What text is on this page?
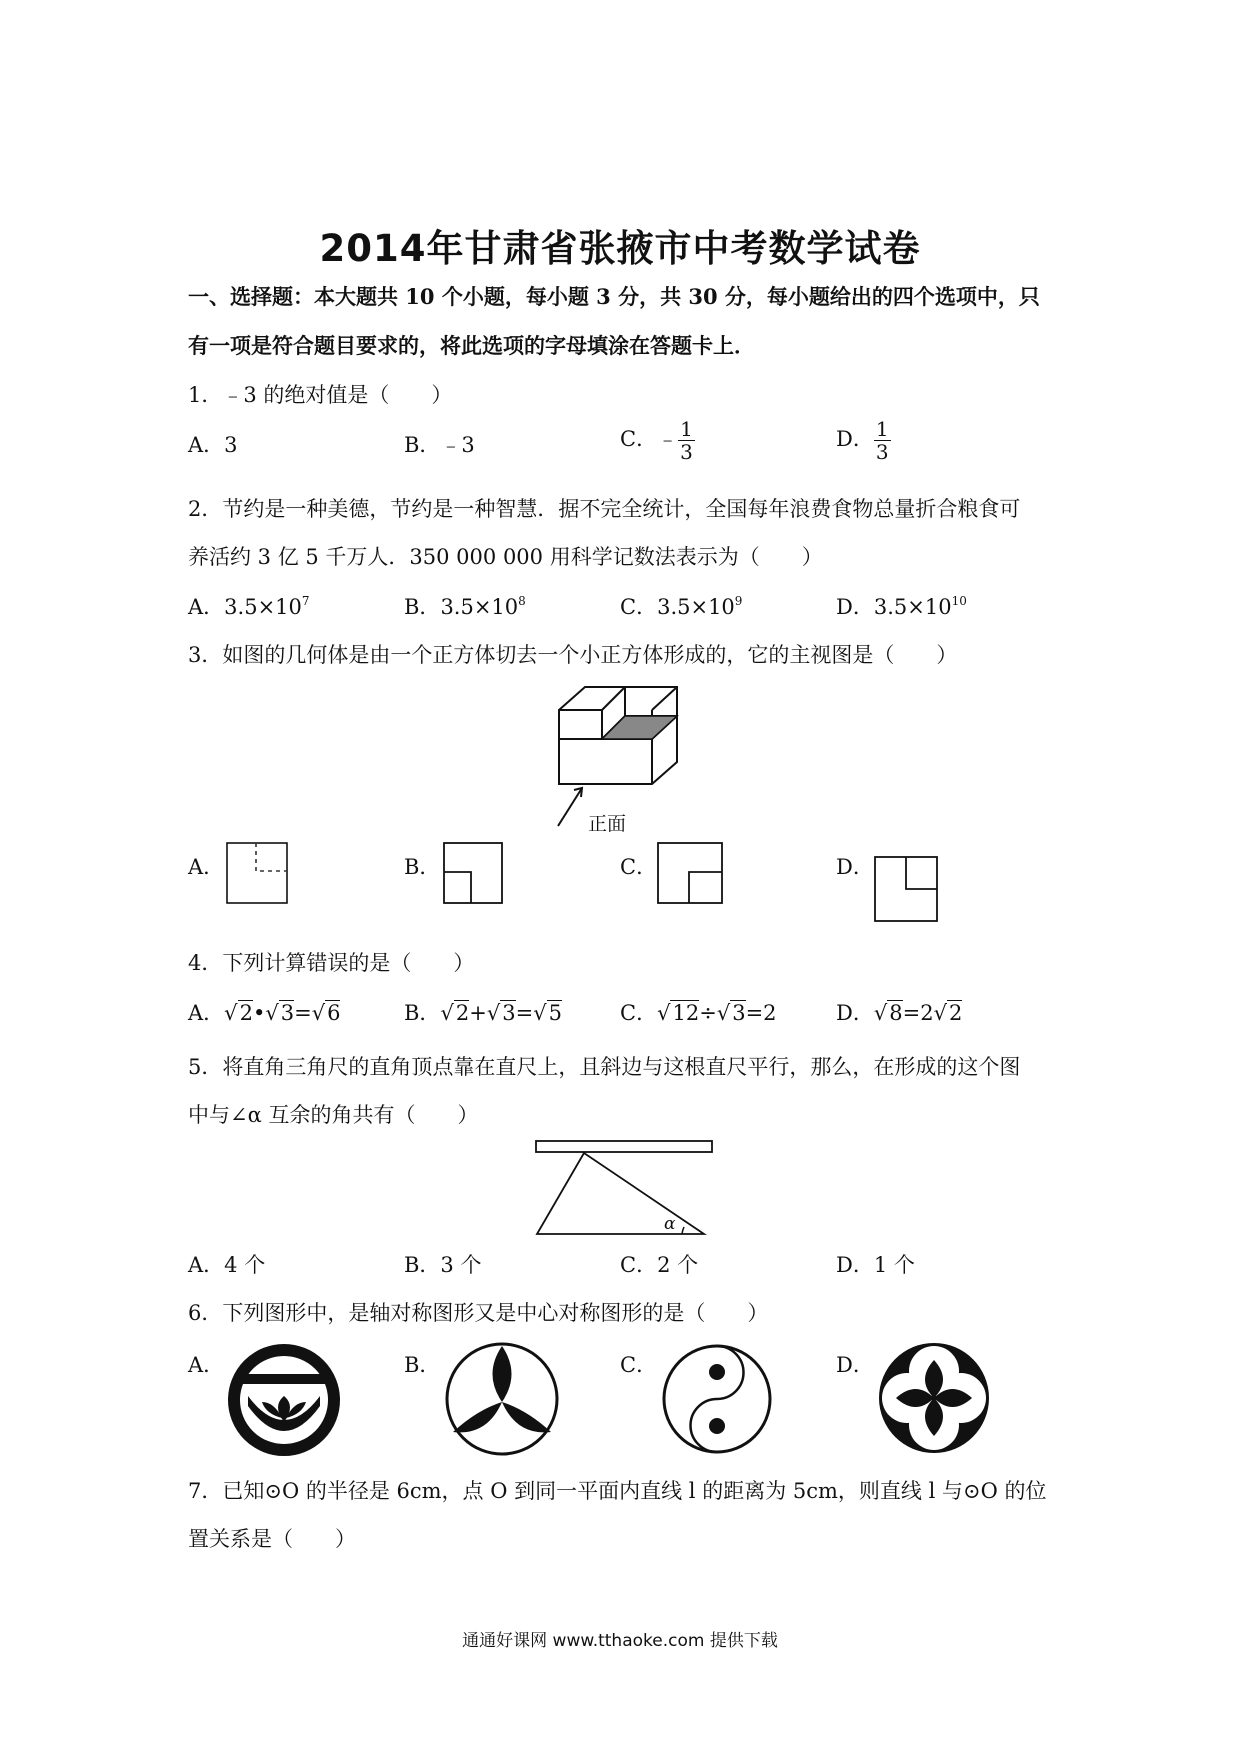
2014年甘肃省张掖市中考数学试卷
一、选择题：本大题共 10 个小题，每小题 3 分，共 30 分，每小题给出的四个选项中，只
有一项是符合题目要求的，将此选项的字母填涂在答题卡上．
1．﹣3 的绝对值是（　　）
A．3	B．﹣3	C．﹣ $\frac{1}{3}$	D． $\frac{1}{3}$
2．节约是一种美德，节约是一种智慧．据不完全统计，全国每年浪费食物总量折合粮食可
养活约 3 亿 5 千万人．350 000 000 用科学记数法表示为（　　）
A．$3.5\times 10^7$	B．$3.5\times 10^8$	C．$3.5\times 10^9$	D．$3.5\times 10^{10}$
3．如图的几何体是由一个正方体切去一个小正方体形成的，它的主视图是（　　）
正面
A．	B．	C．	D．
4．下列计算错误的是（　　）
A．√2•√3=√6	B．√2+√3=√5	C．√12÷√3=2	D．√8=2√2
5．将直角三角尺的直角顶点靠在直尺上，且斜边与这根直尺平行，那么，在形成的这个图
中与∠α 互余的角共有（　　）
α
A．4 个	B．3 个	C．2 个	D．1 个
6．下列图形中，是轴对称图形又是中心对称图形的是（　　）
A．	B．	C．	D．
7．已知⊙O 的半径是 6cm，点 O 到同一平面内直线 l 的距离为 5cm，则直线 l 与⊙O 的位
置关系是（　　）
通通好课网 www.tthaoke.com 提供下载
